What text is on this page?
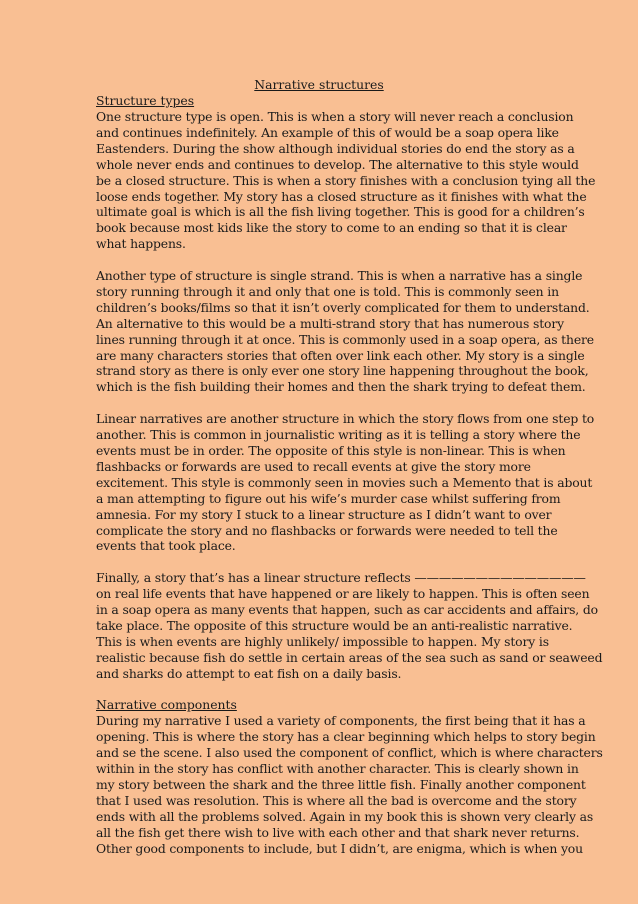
Narrative structures

Structure types

One structure type is open. This is when a story will never reach a conclusion
and continues indefinitely. An example of this of would be a soap opera like
Eastenders. During the show although individual stories do end the story as a
whole never ends and continues to develop. The alternative to this style would
be a closed structure. This is when a story finishes with a conclusion tying all the
loose ends together. My story has a closed structure as it finishes with what the
ultimate goal is which is all the fish living together. This is good for a children’s
book because most kids like the story to come to an ending so that it is clear
what happens.
Another type of structure is single strand. This is when a narrative has a single
story running through it and only that one is told. This is commonly seen in
children’s books/films so that it isn’t overly complicated for them to understand.
An alternative to this would be a multi-strand story that has numerous story
lines running through it at once. This is commonly used in a soap opera, as there
are many characters stories that often over link each other. My story is a single
strand story as there is only ever one story line happening throughout the book,
which is the fish building their homes and then the shark trying to defeat them.
Linear narratives are another structure in which the story flows from one step to
another. This is common in journalistic writing as it is telling a story where the
events must be in order. The opposite of this style is non-linear. This is when
flashbacks or forwards are used to recall events at give the story more
excitement. This style is commonly seen in movies such a Memento that is about
a man attempting to figure out his wife’s murder case whilst suffering from
amnesia. For my story I stuck to a linear structure as I didn’t want to over
complicate the story and no flashbacks or forwards were needed to tell the
events that took place.
Finally, a story that’s has a linear structure reflects ——————————————
on real life events that have happened or are likely to happen. This is often seen
in a soap opera as many events that happen, such as car accidents and affairs, do
take place. The opposite of this structure would be an anti-realistic narrative.
This is when events are highly unlikely/ impossible to happen. My story is
realistic because fish do settle in certain areas of the sea such as sand or seaweed
and sharks do attempt to eat fish on a daily basis.

Narrative components

During my narrative I used a variety of components, the first being that it has a
opening. This is where the story has a clear beginning which helps to story begin
and se the scene. I also used the component of conflict, which is where characters
within in the story has conflict with another character. This is clearly shown in
my story between the shark and the three little fish. Finally another component
that I used was resolution. This is where all the bad is overcome and the story
ends with all the problems solved. Again in my book this is shown very clearly as
all the fish get there wish to live with each other and that shark never returns.
Other good components to include, but I didn’t, are enigma, which is when you
